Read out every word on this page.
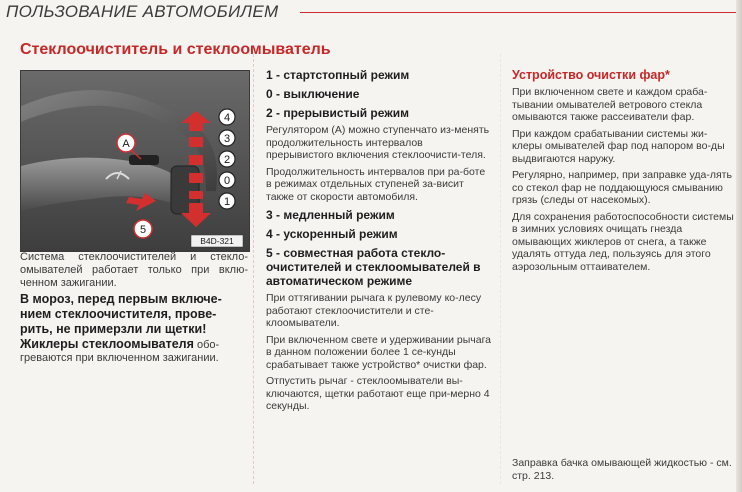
ПОЛЬЗОВАНИЕ АВТОМОБИЛЕМ
Стеклоочиститель и стеклоомыватель
4
3
2
0
1
A
5
B4D-321
Система стеклоочистителей и стекло-омывателей работает только при вклю-ченном зажигании.
В мороз, перед первым включе-нием стеклоочистителя, прове-рить, не примерзли ли щетки!
Жиклеры стеклоомывателя обо-греваются при включенном зажигании.
1 - стартстопный режим
0 - выключение
2 - прерывистый режим
Регулятором (А) можно ступенчато из-менять продолжительность интервалов прерывистого включения стеклоочисти-теля.
Продолжительность интервалов при ра-боте в режимах отдельных ступеней за-висит также от скорости автомобиля.
3 - медленный режим
4 - ускоренный режим
5 - совместная работа стекло-очистителей и стеклоомывателей в автоматическом режиме
При оттягивании рычага к рулевому ко-лесу работают стеклоочистители и сте-клоомыватели.
При включенном свете и удерживании рычага в данном положении более 1 се-кунды срабатывает также устройство* очистки фар.
Отпустить рычаг - стеклоомыватели вы-ключаются, щетки работают еще при-мерно 4 секунды.
Устройство очистки фар*
При включенном свете и каждом сраба-тывании омывателей ветрового стекла омываются также рассеиватели фар.
При каждом срабатывании системы жи-клеры омывателей фар под напором во-ды выдвигаются наружу.
Регулярно, например, при заправке уда-лять со стекол фар не поддающуюся смыванию грязь (следы от насекомых).
Для сохранения работоспособности системы в зимних условиях очищать гнезда омывающих жиклеров от снега, а также удалять оттуда лед, пользуясь для этого аэрозольным оттаивателем.
Заправка бачка омывающей жидкостью - см. стр. 213.
